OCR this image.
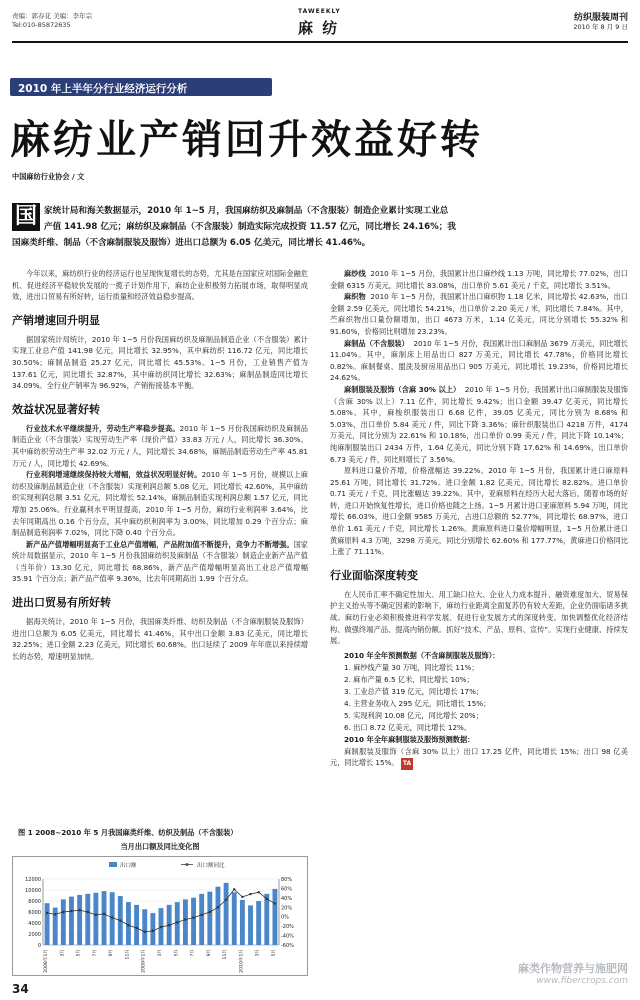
责编：郭春花 美编：李年宗
Tel:010-85872635
TAWEEKLY
麻 纺
纺织服装周刊
2010 年 8 月 9 日
2010 年上半年分行业经济运行分析
麻纺业产销回升效益好转
中国麻纺行业协会 / 文
国 家统计局和海关数据显示，2010 年 1~5 月，我国麻纺织及麻制品（不含服装）制造企业累计实现工业总
产值 141.98 亿元；麻纺织及麻制品（不含服装）制造实际完成投资 11.57 亿元，同比增长 24.16%；我
国麻类纤维、制品（不含麻制服装及服饰）进出口总额为 6.05 亿美元，同比增长 41.46%。

今年以来，麻纺织行业的经济运行也呈现恢复增长的态势，尤其是在国家应对国际金融危机、促进经济平稳较快发展的一揽子计划作用下，麻纺企业积极努力拓展市场，取得明显成效，进出口贸易有所好转，运行质量和经济效益稳步提高。

产销增速回升明显

据国家统计局统计，2010 年 1~5 月份我国麻纺织及麻制品制造企业（不含服装）累计实现工业总产值 141.98 亿元，同比增长 32.95%，其中麻纺织 116.72 亿元，同比增长 30.50%；麻制品制造 25.27 亿元，同比增长 45.53%。1~5 月份，工业销售产值为 137.61 亿元，同比增长 32.87%，其中麻纺织同比增长 32.63%；麻制品制造同比增长 34.09%。全行业产销率为 96.92%，产销衔接基本平衡。

效益状况显著好转

行业技术水平继续提升，劳动生产率稳步提高。2010 年 1~5 月份我国麻纺织及麻制品制造企业（不含服装）实现劳动生产率（现价产值）33.83 万元 / 人，同比增长 36.30%。其中麻纺织劳动生产率 32.02 万元 / 人，同比增长 34.68%，麻制品制造劳动生产率 45.81 万元 / 人，同比增长 42.69%。

行业利润增速继续保持较大增幅，效益状况明显好转。2010 年 1~5 月份，规模以上麻纺织及麻制品制造企业（不含服装）实现利润总额 5.08 亿元，同比增长 42.60%，其中麻纺织实现利润总额 3.51 亿元，同比增长 52.14%，麻制品制造实现利润总额 1.57 亿元，同比增加 25.06%。行业赢利水平明显提高，2010 年 1~5 月份，麻纺行业利润率 3.64%，比去年同期高出 0.16 个百分点，其中麻纺织利润率为 3.00%，同比增加 0.29 个百分点；麻制品制造利润率 7.02%，同比下降 0.40 个百分点。

新产品产值增幅明显高于工业总产值增幅，产品附加值不断提升，竞争力不断增强。国家统计局数据显示，2010 年 1~5 月份我国麻纺织及麻制品（不含服装）制造企业新产品产值（当年价）13.30 亿元，同比增长 68.86%，新产品产值增幅明显高出工业总产值增幅 35.91 个百分点；新产品产值率 9.36%，比去年同期高出 1.99 个百分点。

进出口贸易有所好转

据海关统计，2010 年 1~5 月份，我国麻类纤维、纺织及制品（不含麻制服装及服饰）进出口总额为 6.05 亿美元，同比增长 41.46%，其中出口金额 3.83 亿美元，同比增长 32.25%；进口金额 2.23 亿美元，同比增长 60.68%。出口延续了 2009 年年底以来持续增长的态势，增速明显加快。

图 1 2008~2010 年 5 月我国麻类纤维、纺织及制品（不含服装）
当月出口额及同比变化图
出口额	出口额同比
12000
10000
8000
6000
4000
2000
0
80%
60%
40%
20%
0%
-20%
-40%
-60%
2008年1月	3月	5月	7月	9月	11月	2009年1月	3月	5月	7月	9月	11月	2010年1月	3月	5月

麻纱线 2010 年 1~5 月份，我国累计出口麻纱线 1.13 万吨，同比增长 77.02%，出口金额 6315 万美元，同比增长 83.08%，出口单价 5.61 美元 / 千克，同比增长 3.51%。

麻织物 2010 年 1~5 月份，我国累计出口麻织物 1.18 亿米，同比增长 42.63%，出口金额 2.59 亿美元，同比增长 54.21%，出口单价 2.20 美元 / 米，同比增长 7.84%。其中，苎麻织物出口量份额增加，出口 4673 万米，1.14 亿美元，同比分别增长 55.32% 和 91.60%，价格同比则增加 23.23%。

麻制品（不含服装） 2010 年 1~5 月份，我国累计出口麻制品 3679 万美元，同比增长 11.04%。其中，麻制床上用品出口 827 万美元，同比增长 47.78%，价格同比增长 0.82%。麻制餐桌、盥洗及厨房用品出口 905 万美元，同比增长 19.23%，价格同比增长 24.62%。

麻制服装及服饰（含麻 30% 以上） 2010 年 1~5 月份，我国累计出口麻制服装及服饰（含麻 30% 以上）7.11 亿件，同比增长 9.42%；出口金额 39.47 亿美元，同比增长 5.08%。其中，麻梭织服装出口 6.68 亿件，39.05 亿美元，同比分别为 8.68% 和 5.03%，出口单价 5.84 美元 / 件，同比下降 3.36%；麻针织服装出口 4218 万件，4174 万美元，同比分别为 22.61% 和 10.18%，出口单价 0.99 美元 / 件，同比下降 10.14%；纯麻制服装出口 2434 万件，1.64 亿美元，同比分别下降 17.62% 和 14.69%，出口单价 6.73 美元 / 件，同比则增长了 3.56%。

原料进口量价齐增，价格涨幅达 39.22%。2010 年 1~5 月份，我国累计进口麻原料 25.61 万吨，同比增长 31.72%。进口金额 1.82 亿美元，同比增长 82.82%。进口单价 0.71 美元 / 千克，同比涨幅达 39.22%。其中，亚麻原料在经历大起大落后，随着市场的好转，进口开始恢复性增长，进口价格也随之上扬。1~5 月累计进口亚麻原料 5.94 万吨，同比增长 66.03%，进口金额 9585 万美元，占进口总额的 52.77%，同比增长 68.97%，进口单价 1.61 美元 / 千克，同比增长 1.26%。黄麻原料进口量价增幅明显，1~5 月份累计进口黄麻原料 4.3 万吨，3298 万美元，同比分别增长 62.60% 和 177.77%，黄麻进口价格同比上涨了 71.11%。

行业面临深度转变

在人民币汇率不确定性加大、用工缺口拉大、企业人力成本提升、融资难度加大、贸易保护主义抬头等不确定因素的影响下，麻纺行业距离全面复苏仍有较大差距，企业仍面临诸多挑战。麻纺行业必须积极推进科学发展、促进行业发展方式的深度转变。加快调整优化经济结构、做强终端产品、提高内销份额。抓好“技术、产品、原料、宣传”。实现行业健康、持续发展。

2010 年全年预测数据（不含麻制服装及服饰）：
1. 麻纱线产量 30 万吨，同比增长 11%；
2. 麻布产量 6.5 亿米，同比增长 10%；
3. 工业总产值 319 亿元，同比增长 17%；
4. 主营业务收入 295 亿元，同比增长 15%；
5. 实现利润 10.08 亿元，同比增长 20%；
6. 出口 8.72 亿美元，同比增长 12%。
2010 年全年麻制服装及服饰预测数据：

麻制服装及服饰（含麻 30% 以上）出口 17.25 亿件，同比增长 15%；出口 98 亿美元，同比增长 15%。 TA

34
麻类作物营养与施肥网
www.fibercrops.com
